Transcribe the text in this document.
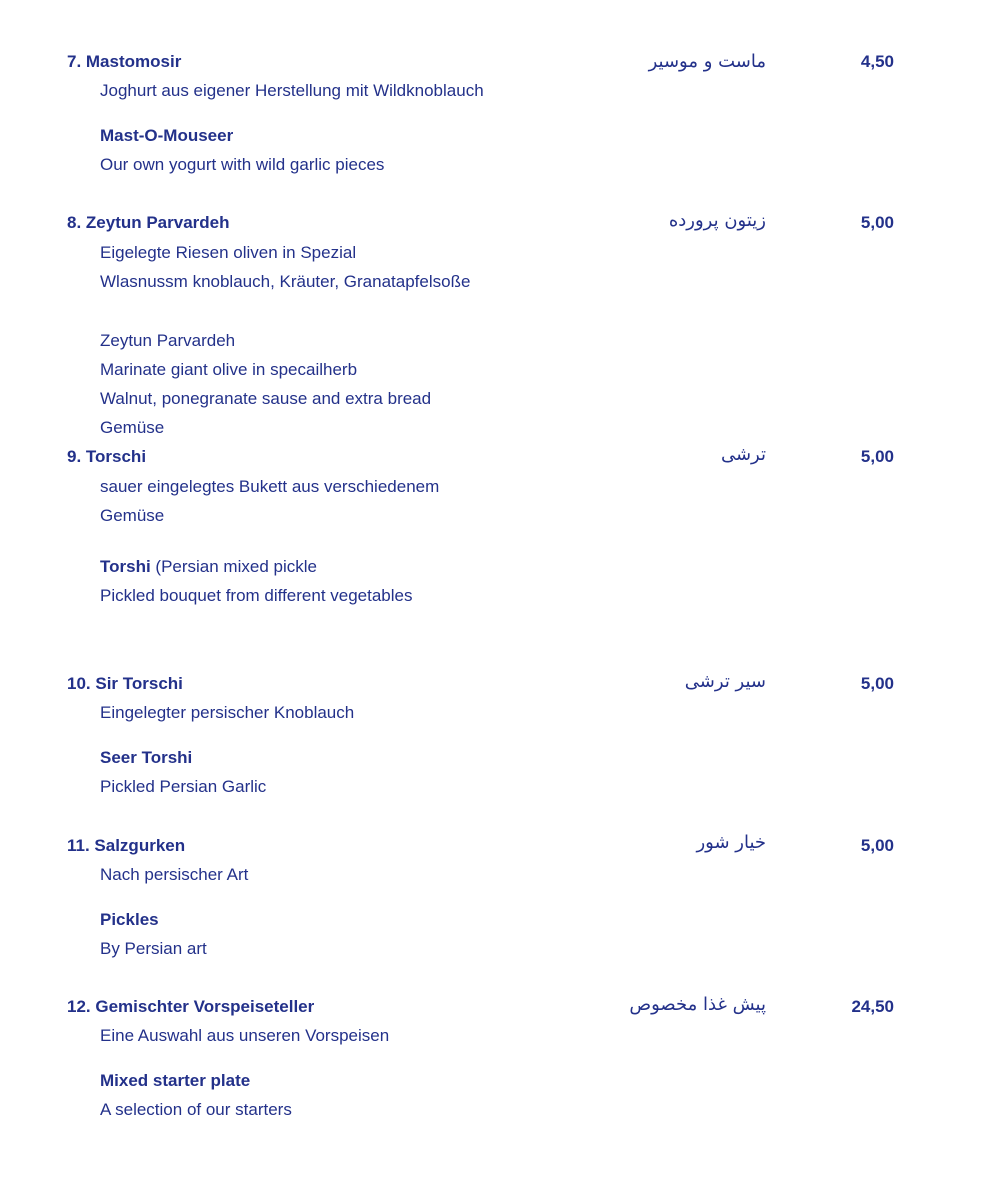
7. Mastomosir	ماست و موسیر	4,50
Joghurt aus eigener Herstellung mit Wildknoblauch
Mast-O-Mouseer
Our own yogurt with wild garlic pieces
8. Zeytun Parvardeh	زیتون پرورده	5,00
Eigelegte Riesen oliven in Spezial
Wlasnussm knoblauch, Kräuter, Granatapfelsoße
Zeytun Parvardeh
Marinate giant olive in specailherb
Walnut, ponegranate sause and extra bread
Gemüse
9. Torschi	ترشی	5,00
sauer eingelegtes Bukett aus verschiedenem
Gemüse
Torshi (Persian mixed pickle
Pickled bouquet from different vegetables
10. Sir Torschi	سیر ترشی	5,00
Eingelegter persischer Knoblauch
Seer Torshi
Pickled Persian Garlic
11. Salzgurken	خیار شور	5,00
Nach persischer Art
Pickles
By Persian art
12. Gemischter Vorspeiseteller	پیش غذا مخصوص	24,50
Eine Auswahl aus unseren Vorspeisen
Mixed starter plate
A selection of our starters
